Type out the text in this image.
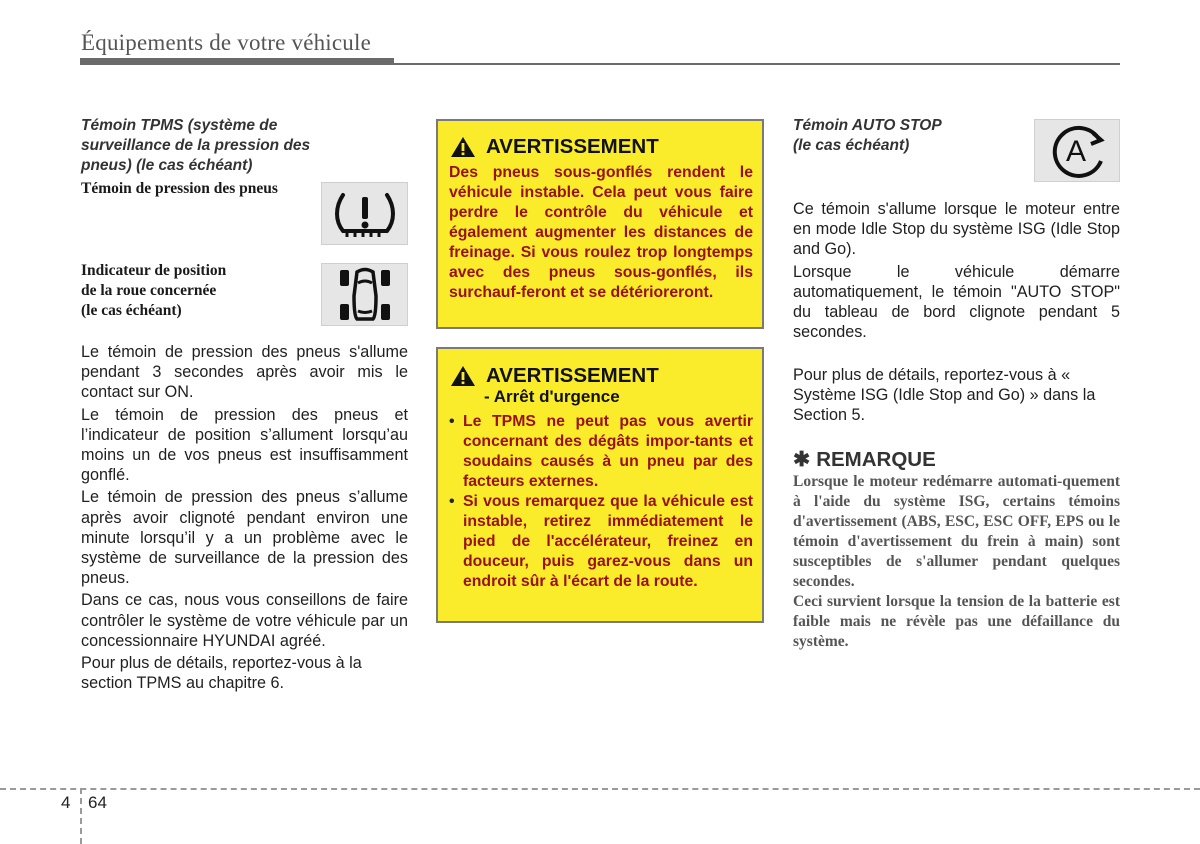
Équipements de votre véhicule
Témoin TPMS (système de
surveillance de la pression des
pneus) (le cas échéant)
Témoin de pression des pneus
Indicateur de position
de la roue concernée
(le cas échéant)

Le témoin de pression des pneus s'allume pendant 3 secondes après avoir mis le contact sur ON.

Le témoin de pression des pneus et l’indicateur de position s’allument lorsqu’au moins un de vos pneus est insuffisamment gonflé.

Le témoin de pression des pneus s’allume après avoir clignoté pendant environ une minute lorsqu’il y a un problème avec le système de surveillance de la pression des pneus.

Dans ce cas, nous vous conseillons de faire contrôler le système de votre véhicule par un concessionnaire HYUNDAI agréé.

Pour plus de détails, reportez-vous à la section TPMS au chapitre 6.

AVERTISSEMENT
Des pneus sous-gonflés rendent le véhicule instable. Cela peut vous faire perdre le contrôle du véhicule et également augmenter les distances de freinage. Si vous roulez trop longtemps avec des pneus sous-gonflés, ils surchauf-feront et se détérioreront.
AVERTISSEMENT
- Arrêt d'urgence
• Le TPMS ne peut pas vous avertir concernant des dégâts impor-tants et soudains causés à un pneu par des facteurs externes.
• Si vous remarquez que la véhicule est instable, retirez immédiatement le pied de l'accélérateur, freinez en douceur, puis garez-vous dans un endroit sûr à l'écart de la route.
Témoin AUTO STOP
(le cas échéant)	A

Ce témoin s'allume lorsque le moteur entre en mode Idle Stop du système ISG (Idle Stop and Go).

Lorsque le véhicule démarre automatiquement, le témoin "AUTO STOP" du tableau de bord clignote pendant 5 secondes.

Pour plus de détails, reportez-vous à « Système ISG (Idle Stop and Go) » dans la Section 5.

✱ REMARQUE

Lorsque le moteur redémarre automati-quement à l'aide du système ISG, certains témoins d'avertissement (ABS, ESC, ESC OFF, EPS ou le témoin d'avertissement du frein à main) sont susceptibles de s'allumer pendant quelques secondes.

Ceci survient lorsque la tension de la batterie est faible mais ne révèle pas une défaillance du système.

4 64
